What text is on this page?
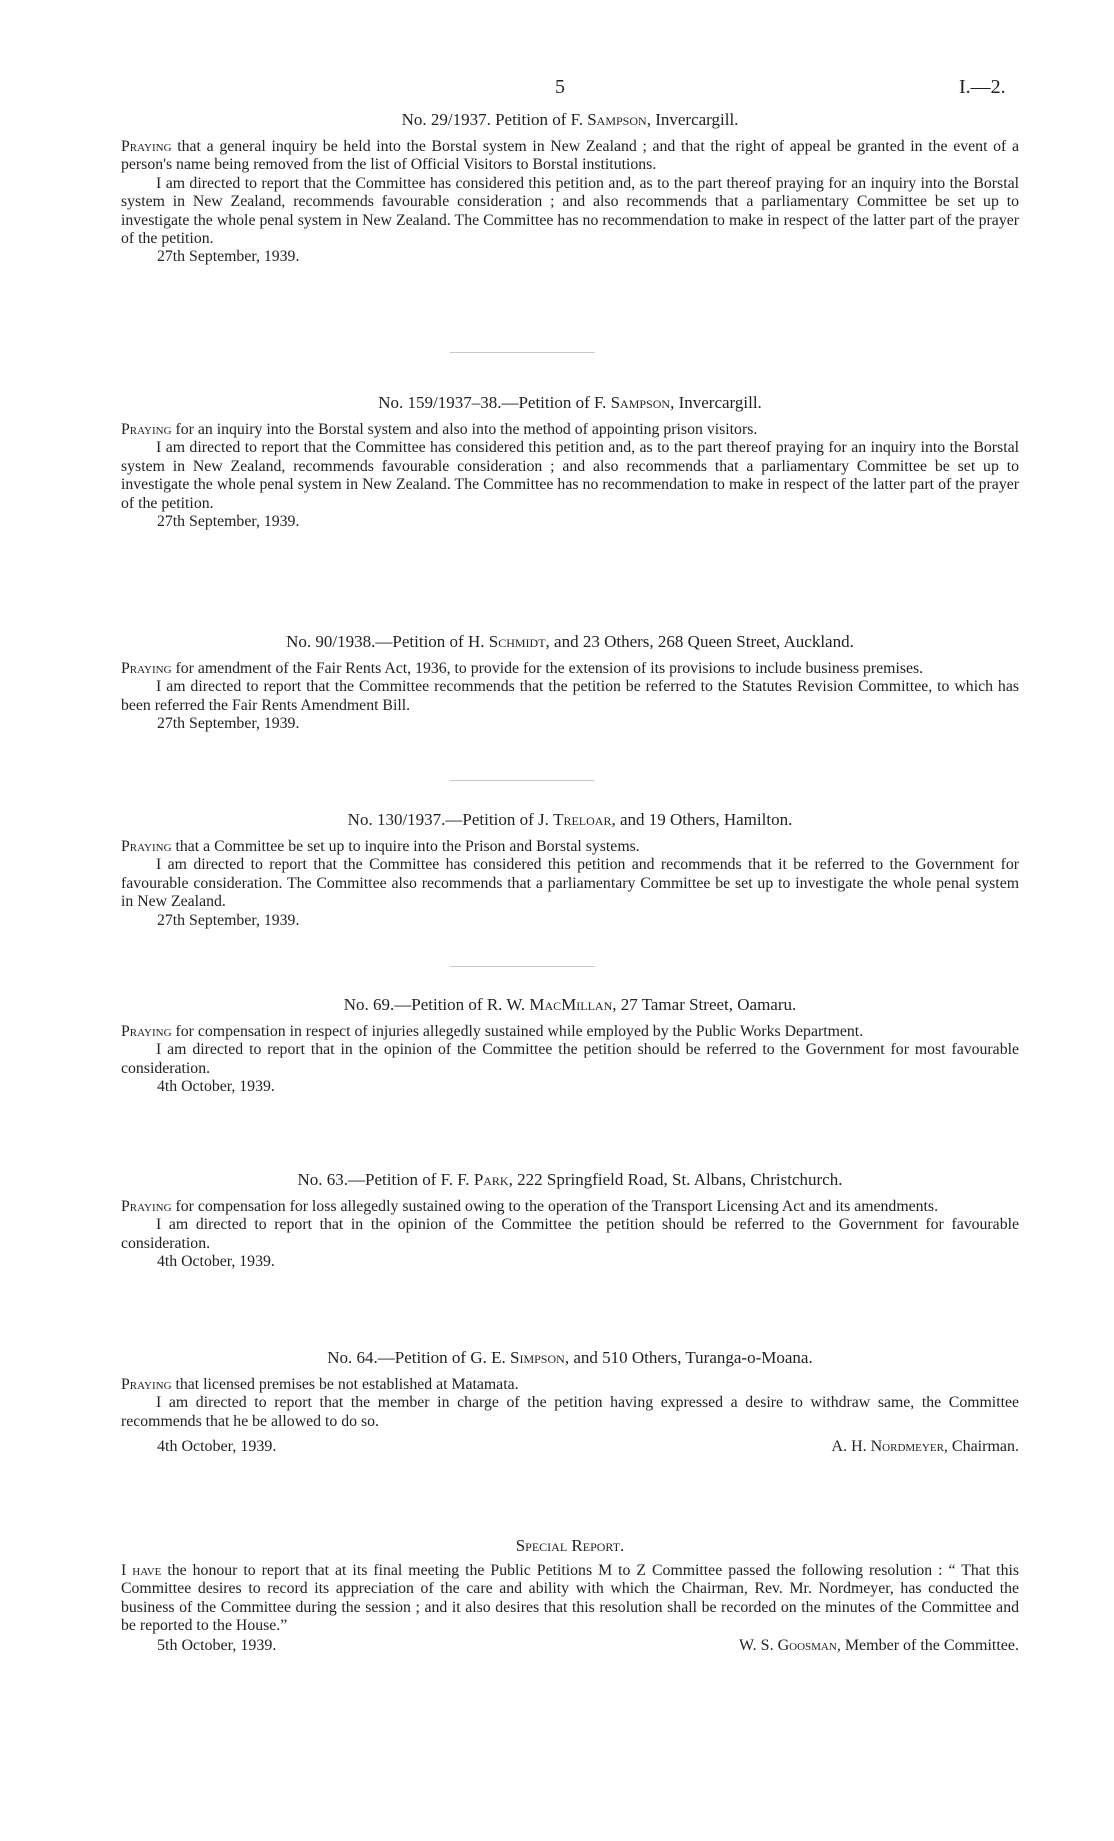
5	I.—2.
No. 29/1937. Petition of F. Sampson, Invercargill.

Praying that a general inquiry be held into the Borstal system in New Zealand ; and that the right of appeal be granted in the event of a person's name being removed from the list of Official Visitors to Borstal institutions.

I am directed to report that the Committee has considered this petition and, as to the part thereof praying for an inquiry into the Borstal system in New Zealand, recommends favourable consideration ; and also recommends that a parliamentary Committee be set up to investigate the whole penal system in New Zealand. The Committee has no recommendation to make in respect of the latter part of the prayer of the petition.

27th September, 1939.

No. 159/1937–38.—Petition of F. Sampson, Invercargill.

Praying for an inquiry into the Borstal system and also into the method of appointing prison visitors.

I am directed to report that the Committee has considered this petition and, as to the part thereof praying for an inquiry into the Borstal system in New Zealand, recommends favourable consideration ; and also recommends that a parliamentary Committee be set up to investigate the whole penal system in New Zealand. The Committee has no recommendation to make in respect of the latter part of the prayer of the petition.

27th September, 1939.

No. 90/1938.—Petition of H. Schmidt, and 23 Others, 268 Queen Street, Auckland.

Praying for amendment of the Fair Rents Act, 1936, to provide for the extension of its provisions to include business premises.

I am directed to report that the Committee recommends that the petition be referred to the Statutes Revision Committee, to which has been referred the Fair Rents Amendment Bill.

27th September, 1939.

No. 130/1937.—Petition of J. Treloar, and 19 Others, Hamilton.

Praying that a Committee be set up to inquire into the Prison and Borstal systems.

I am directed to report that the Committee has considered this petition and recommends that it be referred to the Government for favourable consideration. The Committee also recommends that a parliamentary Committee be set up to investigate the whole penal system in New Zealand.

27th September, 1939.

No. 69.—Petition of R. W. MacMillan, 27 Tamar Street, Oamaru.

Praying for compensation in respect of injuries allegedly sustained while employed by the Public Works Department.

I am directed to report that in the opinion of the Committee the petition should be referred to the Government for most favourable consideration.

4th October, 1939.

No. 63.—Petition of F. F. Park, 222 Springfield Road, St. Albans, Christchurch.

Praying for compensation for loss allegedly sustained owing to the operation of the Transport Licensing Act and its amendments.

I am directed to report that in the opinion of the Committee the petition should be referred to the Government for favourable consideration.

4th October, 1939.

No. 64.—Petition of G. E. Simpson, and 510 Others, Turanga-o-Moana.

Praying that licensed premises be not established at Matamata.

I am directed to report that the member in charge of the petition having expressed a desire to withdraw same, the Committee recommends that he be allowed to do so.

4th October, 1939.	A. H. Nordmeyer, Chairman.
Special Report.

I have the honour to report that at its final meeting the Public Petitions M to Z Committee passed the following resolution : “ That this Committee desires to record its appreciation of the care and ability with which the Chairman, Rev. Mr. Nordmeyer, has conducted the business of the Committee during the session ; and it also desires that this resolution shall be recorded on the minutes of the Committee and be reported to the House.”

5th October, 1939.	W. S. Goosman, Member of the Committee.
